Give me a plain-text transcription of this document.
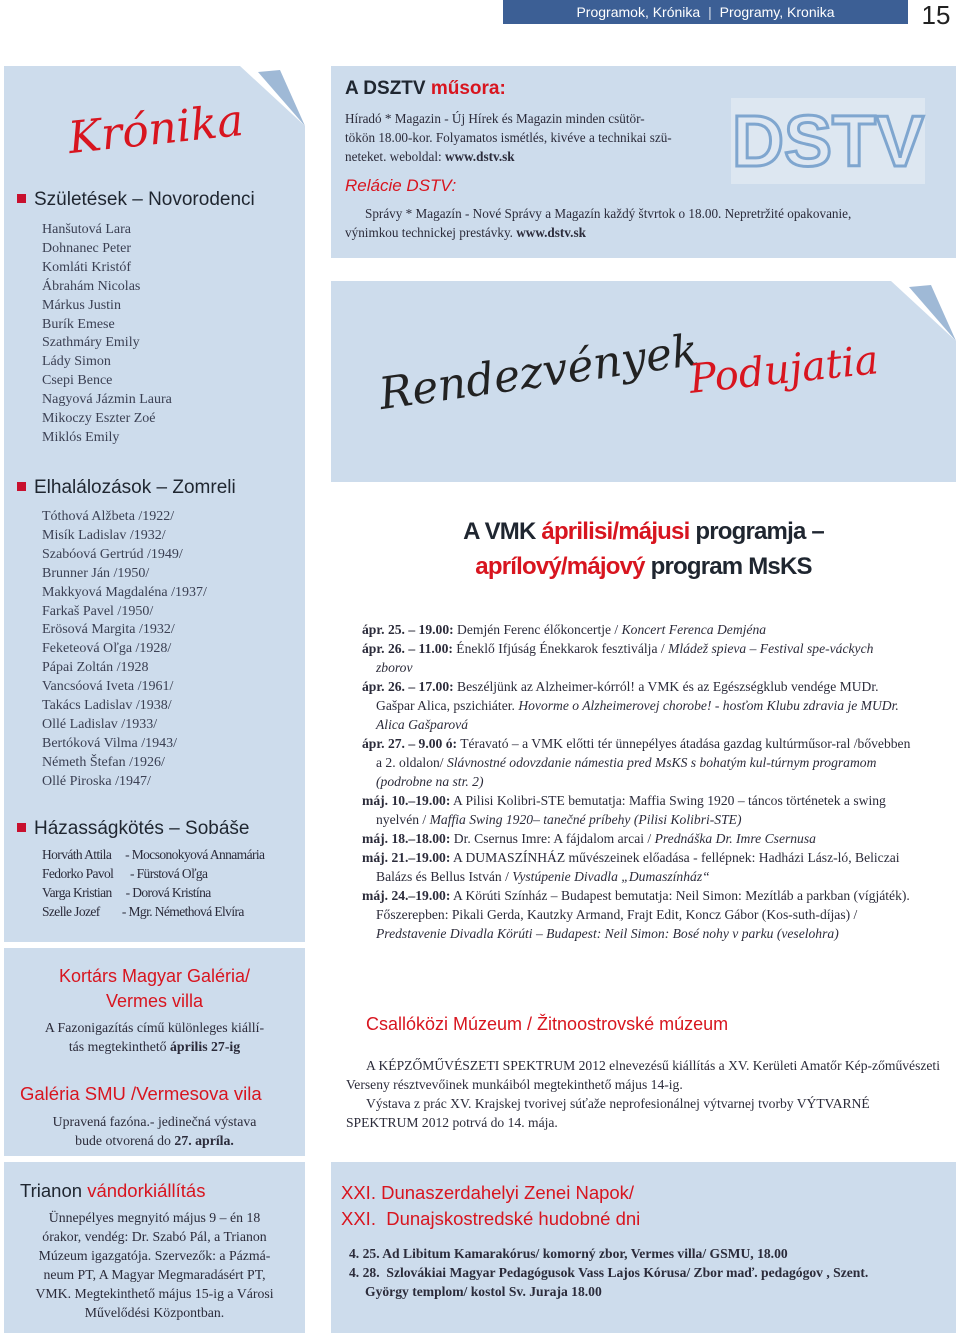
Programok, Krónika | Programy, Kronika	15
Krónika
Születések – Novorodenci
Hanšutová Lara
Dohnanec Peter
Komláti Kristóf
Ábrahám Nicolas
Márkus Justin
Burík Emese
Szathmáry Emily
Lády Simon
Csepi Bence
Nagyová Jázmin Laura
Mikoczy Eszter Zoé
Miklós Emily
Elhalálozások – Zomreli
Tóthová Alžbeta /1922/
Misík Ladislav /1932/
Szabóová Gertrúd /1949/
Brunner Ján /1950/
Makkyová Magdaléna /1937/
Farkaš Pavel /1950/
Erösová Margita /1932/
Feketeová Oľga /1928/
Pápai Zoltán /1928
Vancsóová Iveta /1961/
Takács Ladislav /1938/
Ollé Ladislav /1933/
Bertóková Vilma /1943/
Németh Štefan /1926/
Ollé Piroska /1947/
Házasságkötés – Sobáše
Horváth Attila     - Mocsonokyová Annamária
Fedorko Pavol      - Fürstová Oľga
Varga Kristian     - Dorová Kristína
Szelle Jozef        - Mgr. Némethová Elvíra
Kortárs Magyar Galéria/
Vermes villa
A Fazonigazítás című különleges kiállí-
tás megtekinthető április 27-ig
Galéria SMU /Vermesova vila
Upravená fazóna.- jedinečná výstava
bude otvorená do 27. apríla.
Trianon vándorkiállítás
Ünnepélyes megnyitó május 9 – én 18
órakor, vendég: Dr. Szabó Pál, a Trianon
Múzeum igazgatója. Szervezők: a Pázmá-
neum PT, A Magyar Megmaradásért PT,
VMK. Megtekinthető május 15-ig a Városi
Művelődési Központban.
A DSZTV műsora:
Híradó * Magazin - Új Hírek és Magazin minden csütör-
tökön 18.00-kor. Folyamatos ismétlés, kivéve a technikai szü-
neteket. weboldal: www.dstv.sk
Relácie DSTV:
Správy * Magazín - Nové Správy a Magazín každý štvrtok o 18.00. Nepretržité opakovanie,
výnimkou technickej prestávky. www.dstv.sk
DSTV
Rendezvények
Podujatia
A VMK áprilisi/májusi programja –
aprílový/májový program MsKS

ápr. 25. – 19.00: Demjén Ferenc élőkoncertje / Koncert Ferenca Demjéna

ápr. 26. – 11.00: Éneklő Ifjúság Énekkarok fesztiválja / Mládež spieva – Festival spe-váckych zborov

ápr. 26. – 17.00: Beszéljünk az Alzheimer-kórról! a VMK és az Egészségklub vendége MUDr. Gašpar Alica, pszichiáter. Hovorme o Alzheimerovej chorobe! - hosťom Klubu zdravia je MUDr. Alica Gašparová

ápr. 27. – 9.00 ó: Téravató – a VMK előtti tér ünnepélyes átadása gazdag kultúrműsor-ral /bővebben a 2. oldalon/ Slávnostné odovzdanie námestia pred MsKS s bohatým kul-túrnym programom (podrobne na str. 2)

máj. 10.–19.00: A Pilisi Kolibri-STE bemutatja: Maffia Swing 1920 – táncos történetek a swing nyelvén / Maffia Swing 1920– tanečné príbehy (Pilisi Kolibri-STE)

máj. 18.–18.00: Dr. Csernus Imre: A fájdalom arcai / Prednáška Dr. Imre Csernusa

máj. 21.–19.00: A DUMASZÍNHÁZ művészeinek előadása - fellépnek: Hadházi Lász-ló, Beliczai Balázs és Bellus István / Vystúpenie Divadla „Dumaszínház“

máj. 24.–19.00: A Körúti Színház – Budapest bemutatja: Neil Simon: Mezítláb a parkban (vígjáték). Főszerepben: Pikali Gerda, Kautzky Armand, Frajt Edit, Koncz Gábor (Kos-suth-díjas) / Predstavenie Divadla Körúti – Budapest: Neil Simon: Bosé nohy v parku (veselohra)

Csallóközi Múzeum / Žitnoostrovské múzeum
A KÉPZŐMŰVÉSZETI SPEKTRUM 2012 elnevezésű kiállítás a XV. Kerületi Amatőr Kép-zőművészeti Verseny résztvevőinek munkáiból megtekinthető május 14-ig.
Výstava z prác XV. Krajskej tvorivej súťaže neprofesionálnej výtvarnej tvorby VÝTVARNÉ SPEKTRUM 2012 potrvá do 14. mája.
XXI. Dunaszerdahelyi Zenei Napok/
XXI.  Dunajskostredské hudobné dni
4. 25. Ad Libitum Kamarakórus/ komorný zbor, Vermes villa/ GSMU, 18.00
4. 28.  Szlovákiai Magyar Pedagógusok Vass Lajos Kórusa/ Zbor maď. pedagógov , Szent.
György templom/ kostol Sv. Juraja 18.00
